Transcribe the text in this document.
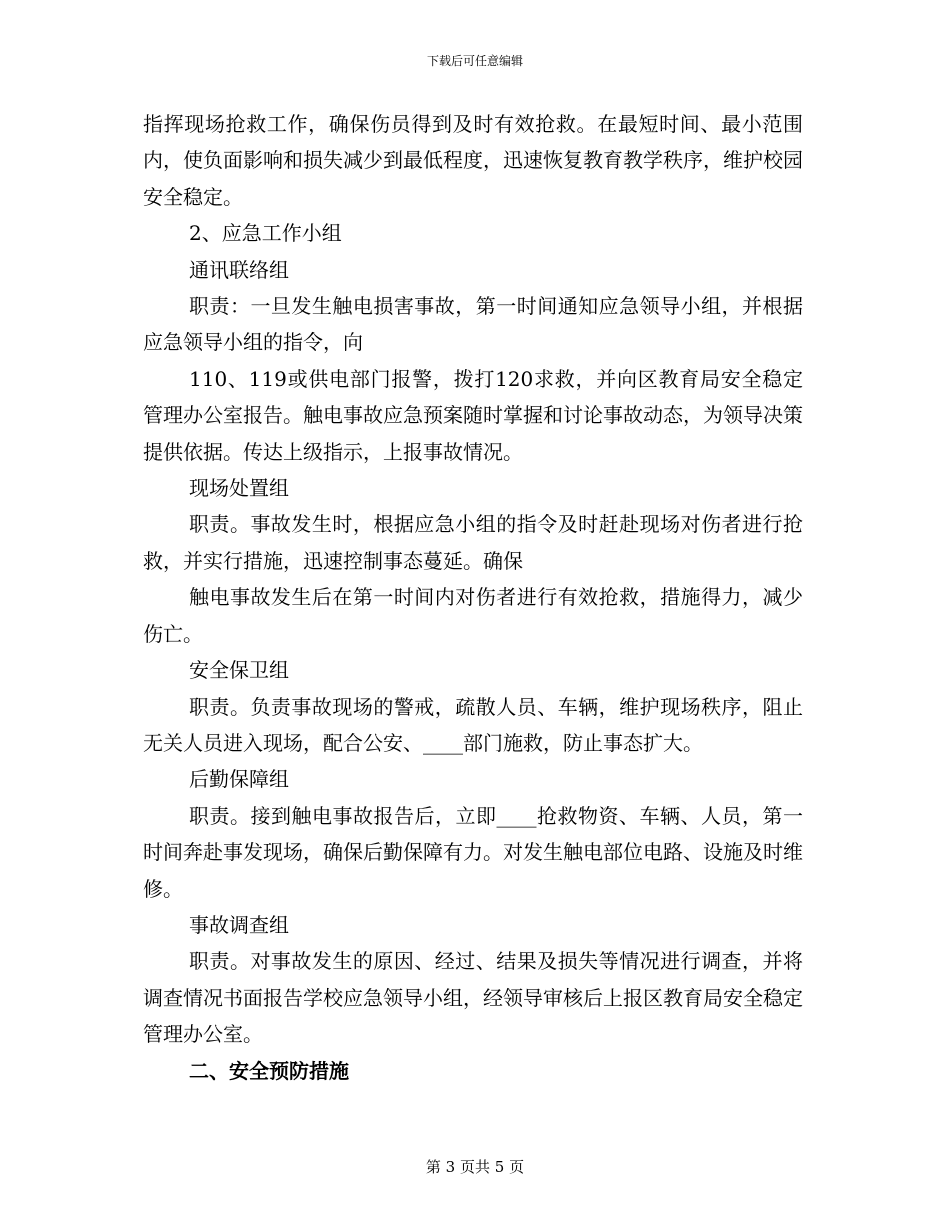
下载后可任意编辑

指挥现场抢救工作，确保伤员得到及时有效抢救。在最短时间、最小范围内，使负面影响和损失减少到最低程度，迅速恢复教育教学秩序，维护校园安全稳定。

2、应急工作小组

通讯联络组

职责：一旦发生触电损害事故，第一时间通知应急领导小组，并根据应急领导小组的指令，向

110、119或供电部门报警，拨打120求救，并向区教育局安全稳定管理办公室报告。触电事故应急预案随时掌握和讨论事故动态，为领导决策提供依据。传达上级指示，上报事故情况。

现场处置组

职责。事故发生时，根据应急小组的指令及时赶赴现场对伤者进行抢救，并实行措施，迅速控制事态蔓延。确保

触电事故发生后在第一时间内对伤者进行有效抢救，措施得力，减少伤亡。

安全保卫组

职责。负责事故现场的警戒，疏散人员、车辆，维护现场秩序，阻止无关人员进入现场，配合公安、____部门施救，防止事态扩大。

后勤保障组

职责。接到触电事故报告后，立即____抢救物资、车辆、人员，第一时间奔赴事发现场，确保后勤保障有力。对发生触电部位电路、设施及时维修。

事故调查组

职责。对事故发生的原因、经过、结果及损失等情况进行调查，并将调查情况书面报告学校应急领导小组，经领导审核后上报区教育局安全稳定管理办公室。

二、安全预防措施

第 3 页共 5 页
